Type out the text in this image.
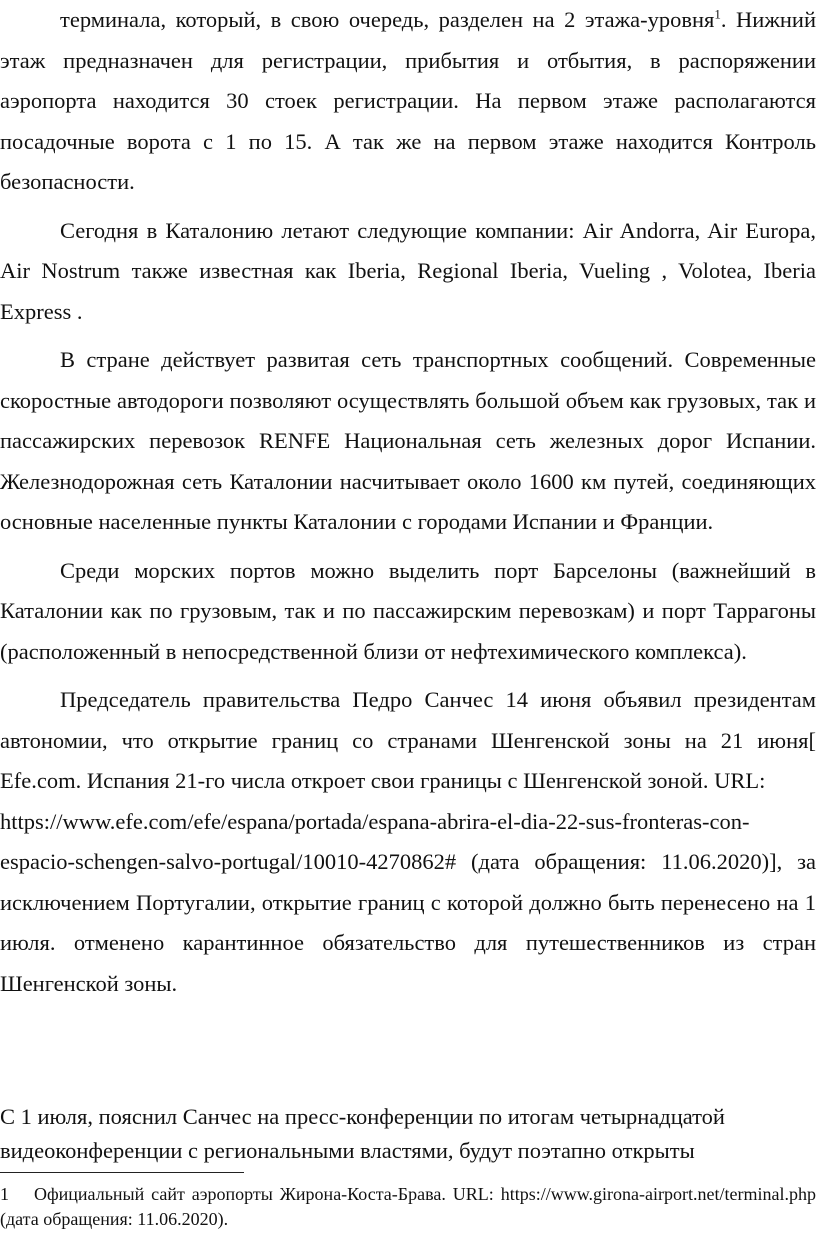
терминала, который, в свою очередь, разделен на 2 этажа-уровня$^1$. Нижний этаж предназначен для регистрации, прибытия и отбытия, в распоряжении аэропорта находится 30 стоек регистрации. На первом этаже располагаются посадочные ворота с 1 по 15. А так же на первом этаже находится Контроль безопасности.

Сегодня в Каталонию летают следующие компании: Air Andorra, Air Europa, Air Nostrum также известная как Iberia, Regional Iberia, Vueling , Volotea, Iberia Express .

В стране действует развитая сеть транспортных сообщений. Современные скоростные автодороги позволяют осуществлять большой объем как грузовых, так и пассажирских перевозок RENFE Национальная сеть железных дорог Испании. Железнодорожная сеть Каталонии насчитывает около 1600 км путей, соединяющих основные населенные пункты Каталонии с городами Испании и Франции.

Среди морских портов можно выделить порт Барселоны (важнейший в Каталонии как по грузовым, так и по пассажирским перевозкам) и порт Таррагоны (расположенный в непосредственной близи от нефтехимического комплекса).

Председатель правительства Педро Санчес 14 июня объявил президентам автономии, что открытие границ со странами Шенгенской зоны на 21 июня[ Efe.com. Испания 21-го числа откроет свои границы с Шенгенской зоной. URL:

https://www.efe.com/efe/espana/portada/espana-abrira-el-dia-22-sus-fronteras-con-

espacio-schengen-salvo-portugal/10010-4270862# (дата обращения: 11.06.2020)], за исключением Португалии, открытие границ с которой должно быть перенесено на 1 июля. отменено карантинное обязательство для путешественников из стран Шенгенской зоны.

С 1 июля, пояснил Санчес на пресс-конференции по итогам четырнадцатой видеоконференции с региональными властями, будут поэтапно открыты

1 Официальный сайт аэропорты Жирона-Коста-Брава. URL: https://www.girona-airport.net/terminal.php (дата обращения: 11.06.2020).
